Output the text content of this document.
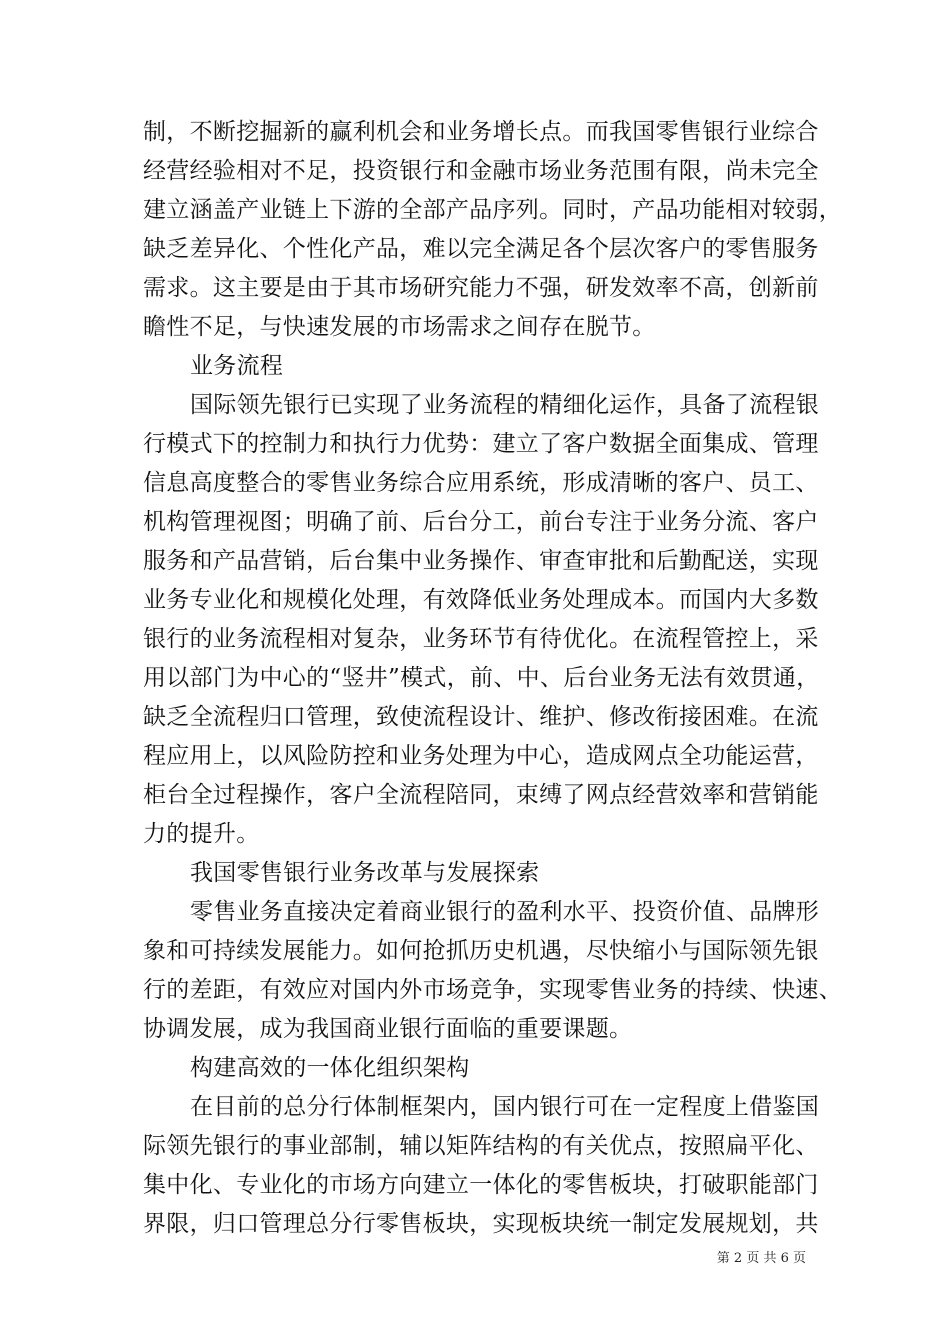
制，不断挖掘新的赢利机会和业务增长点。而我国零售银行业综合
经营经验相对不足，投资银行和金融市场业务范围有限，尚未完全
建立涵盖产业链上下游的全部产品序列。同时，产品功能相对较弱，
缺乏差异化、个性化产品，难以完全满足各个层次客户的零售服务
需求。这主要是由于其市场研究能力不强，研发效率不高，创新前
瞻性不足，与快速发展的市场需求之间存在脱节。
业务流程
国际领先银行已实现了业务流程的精细化运作，具备了流程银
行模式下的控制力和执行力优势：建立了客户数据全面集成、管理
信息高度整合的零售业务综合应用系统，形成清晰的客户、员工、
机构管理视图；明确了前、后台分工，前台专注于业务分流、客户
服务和产品营销，后台集中业务操作、审查审批和后勤配送，实现
业务专业化和规模化处理，有效降低业务处理成本。而国内大多数
银行的业务流程相对复杂，业务环节有待优化。在流程管控上，采
用以部门为中心的“竖井”模式，前、中、后台业务无法有效贯通，
缺乏全流程归口管理，致使流程设计、维护、修改衔接困难。在流
程应用上，以风险防控和业务处理为中心，造成网点全功能运营，
柜台全过程操作，客户全流程陪同，束缚了网点经营效率和营销能
力的提升。
我国零售银行业务改革与发展探索
零售业务直接决定着商业银行的盈利水平、投资价值、品牌形
象和可持续发展能力。如何抢抓历史机遇，尽快缩小与国际领先银
行的差距，有效应对国内外市场竞争，实现零售业务的持续、快速、
协调发展，成为我国商业银行面临的重要课题。
构建高效的一体化组织架构
在目前的总分行体制框架内，国内银行可在一定程度上借鉴国
际领先银行的事业部制，辅以矩阵结构的有关优点，按照扁平化、
集中化、专业化的市场方向建立一体化的零售板块，打破职能部门
界限，归口管理总分行零售板块，实现板块统一制定发展规划，共
第 2 页 共 6 页
